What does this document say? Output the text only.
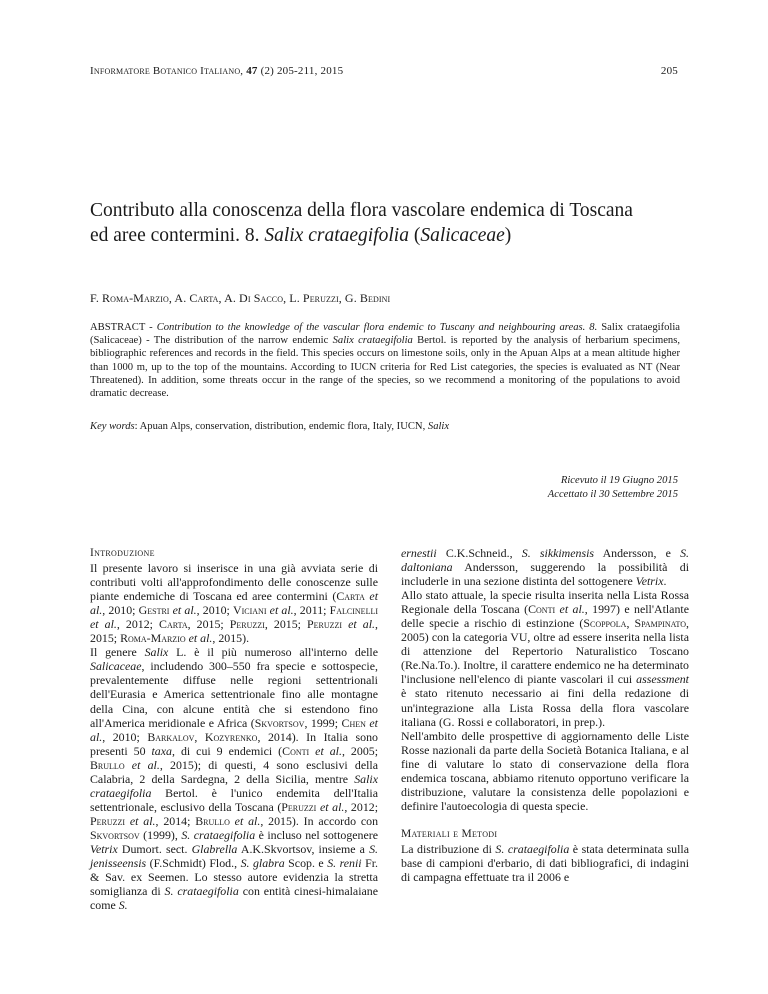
Informatore Botanico Italiano, 47 (2) 205-211, 2015	205
Contributo alla conoscenza della flora vascolare endemica di Toscana
ed aree contermini. 8. Salix crataegifolia (Salicaceae)
F. Roma-Marzio, A. Carta, A. Di Sacco, L. Peruzzi, G. Bedini
ABSTRACT - Contribution to the knowledge of the vascular flora endemic to Tuscany and neighbouring areas. 8. Salix crataegifolia (Salicaceae) - The distribution of the narrow endemic Salix crataegifolia Bertol. is reported by the analysis of herbarium specimens, bibliographic references and records in the field. This species occurs on limestone soils, only in the Apuan Alps at a mean altitude higher than 1000 m, up to the top of the mountains. According to IUCN criteria for Red List categories, the species is evaluated as NT (Near Threatened). In addition, some threats occur in the range of the species, so we recommend a monitoring of the populations to avoid dramatic decrease.
Key words: Apuan Alps, conservation, distribution, endemic flora, Italy, IUCN, Salix
Ricevuto il 19 Giugno 2015
Accettato il 30 Settembre 2015
Introduzione

Il presente lavoro si inserisce in una già avviata serie di contributi volti all'approfondimento delle conoscenze sulle piante endemiche di Toscana ed aree contermini (Carta et al., 2010; Gestri et al., 2010; Viciani et al., 2011; Falcinelli et al., 2012; Carta, 2015; Peruzzi, 2015; Peruzzi et al., 2015; Roma-Marzio et al., 2015).

Il genere Salix L. è il più numeroso all'interno delle Salicaceae, includendo 300–550 fra specie e sottospecie, prevalentemente diffuse nelle regioni settentrionali dell'Eurasia e America settentrionale fino alle montagne della Cina, con alcune entità che si estendono fino all'America meridionale e Africa (Skvortsov, 1999; Chen et al., 2010; Barkalov, Kozyrenko, 2014). In Italia sono presenti 50 taxa, di cui 9 endemici (Conti et al., 2005; Brullo et al., 2015); di questi, 4 sono esclusivi della Calabria, 2 della Sardegna, 2 della Sicilia, mentre Salix crataegifolia Bertol. è l'unico endemita dell'Italia settentrionale, esclusivo della Toscana (Peruzzi et al., 2012; Peruzzi et al., 2014; Brullo et al., 2015). In accordo con Skvortsov (1999), S. crataegifolia è incluso nel sottogenere Vetrix Dumort. sect. Glabrella A.K.Skvortsov, insieme a S. jenisseensis (F.Schmidt) Flod., S. glabra Scop. e S. renii Fr. & Sav. ex Seemen. Lo stesso autore evidenzia la stretta somiglianza di S. crataegifolia con entità cinesi-himalaiane come S.

ernestii C.K.Schneid., S. sikkimensis Andersson, e S. daltoniana Andersson, suggerendo la possibilità di includerle in una sezione distinta del sottogenere Vetrix.

Allo stato attuale, la specie risulta inserita nella Lista Rossa Regionale della Toscana (Conti et al., 1997) e nell'Atlante delle specie a rischio di estinzione (Scoppola, Spampinato, 2005) con la categoria VU, oltre ad essere inserita nella lista di attenzione del Repertorio Naturalistico Toscano (Re.Na.To.). Inoltre, il carattere endemico ne ha determinato l'inclusione nell'elenco di piante vascolari il cui assessment è stato ritenuto necessario ai fini della redazione di un'integrazione alla Lista Rossa della flora vascolare italiana (G. Rossi e collaboratori, in prep.).

Nell'ambito delle prospettive di aggiornamento delle Liste Rosse nazionali da parte della Società Botanica Italiana, e al fine di valutare lo stato di conservazione della flora endemica toscana, abbiamo ritenuto opportuno verificare la distribuzione, valutare la consistenza delle popolazioni e definire l'autoecologia di questa specie.

Materiali e Metodi

La distribuzione di S. crataegifolia è stata determinata sulla base di campioni d'erbario, di dati bibliografici, di indagini di campagna effettuate tra il 2006 e
